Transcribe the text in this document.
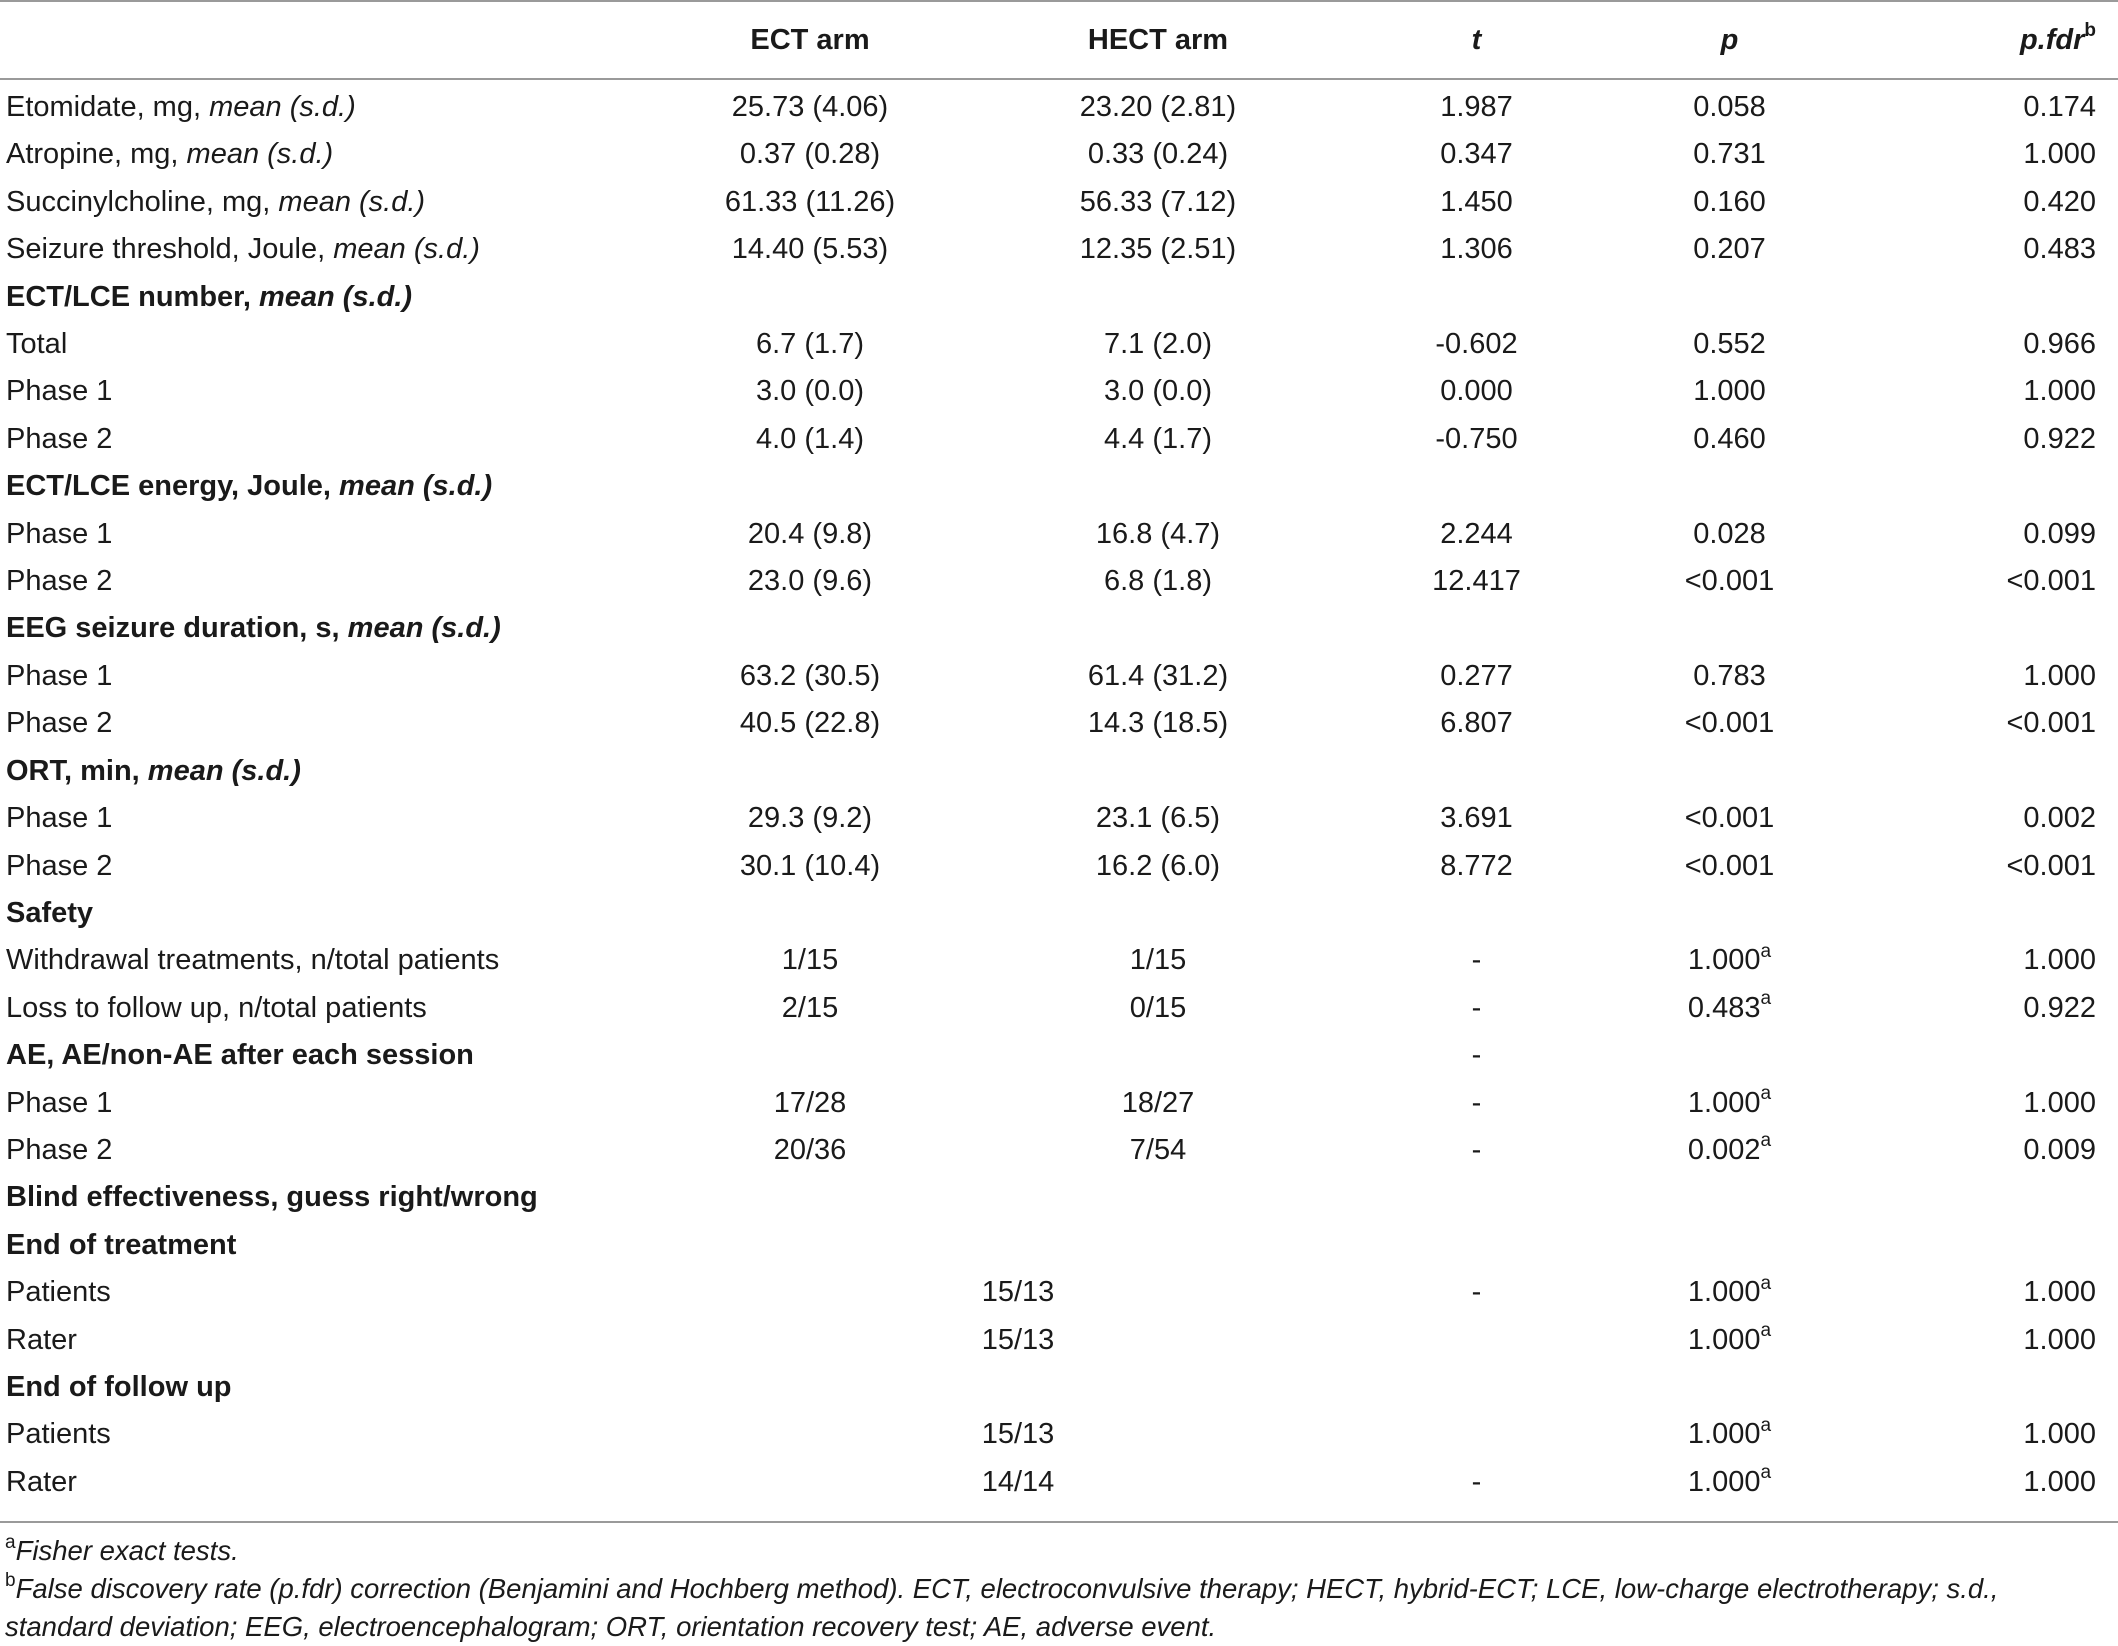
	ECT arm	HECT arm	t	p	p.fdr$^b$
Etomidate, mg, mean (s.d.)	25.73 (4.06)	23.20 (2.81)	1.987	0.058	0.174
Atropine, mg, mean (s.d.)	0.37 (0.28)	0.33 (0.24)	0.347	0.731	1.000
Succinylcholine, mg, mean (s.d.)	61.33 (11.26)	56.33 (7.12)	1.450	0.160	0.420
Seizure threshold, Joule, mean (s.d.)	14.40 (5.53)	12.35 (2.51)	1.306	0.207	0.483
ECT/LCE number, mean (s.d.)					
Total	6.7 (1.7)	7.1 (2.0)	-0.602	0.552	0.966
Phase 1	3.0 (0.0)	3.0 (0.0)	0.000	1.000	1.000
Phase 2	4.0 (1.4)	4.4 (1.7)	-0.750	0.460	0.922
ECT/LCE energy, Joule, mean (s.d.)					
Phase 1	20.4 (9.8)	16.8 (4.7)	2.244	0.028	0.099
Phase 2	23.0 (9.6)	6.8 (1.8)	12.417	<0.001	<0.001
EEG seizure duration, s, mean (s.d.)					
Phase 1	63.2 (30.5)	61.4 (31.2)	0.277	0.783	1.000
Phase 2	40.5 (22.8)	14.3 (18.5)	6.807	<0.001	<0.001
ORT, min, mean (s.d.)					
Phase 1	29.3 (9.2)	23.1 (6.5)	3.691	<0.001	0.002
Phase 2	30.1 (10.4)	16.2 (6.0)	8.772	<0.001	<0.001
Safety					
Withdrawal treatments, n/total patients	1/15	1/15	-	1.000$^a$	1.000
Loss to follow up, n/total patients	2/15	0/15	-	0.483$^a$	0.922
AE, AE/non-AE after each session			-		
Phase 1	17/28	18/27	-	1.000$^a$	1.000
Phase 2	20/36	7/54	-	0.002$^a$	0.009
Blind effectiveness, guess right/wrong					
End of treatment					
Patients	15/13		-	1.000$^a$	1.000
Rater	15/13			1.000$^a$	1.000
End of follow up					
Patients	15/13			1.000$^a$	1.000
Rater	14/14		-	1.000$^a$	1.000

$^a$Fisher exact tests.

$^b$False discovery rate (p.fdr) correction (Benjamini and Hochberg method). ECT, electroconvulsive therapy; HECT, hybrid-ECT; LCE, low-charge electrotherapy; s.d., standard deviation; EEG, electroencephalogram; ORT, orientation recovery test; AE, adverse event.
